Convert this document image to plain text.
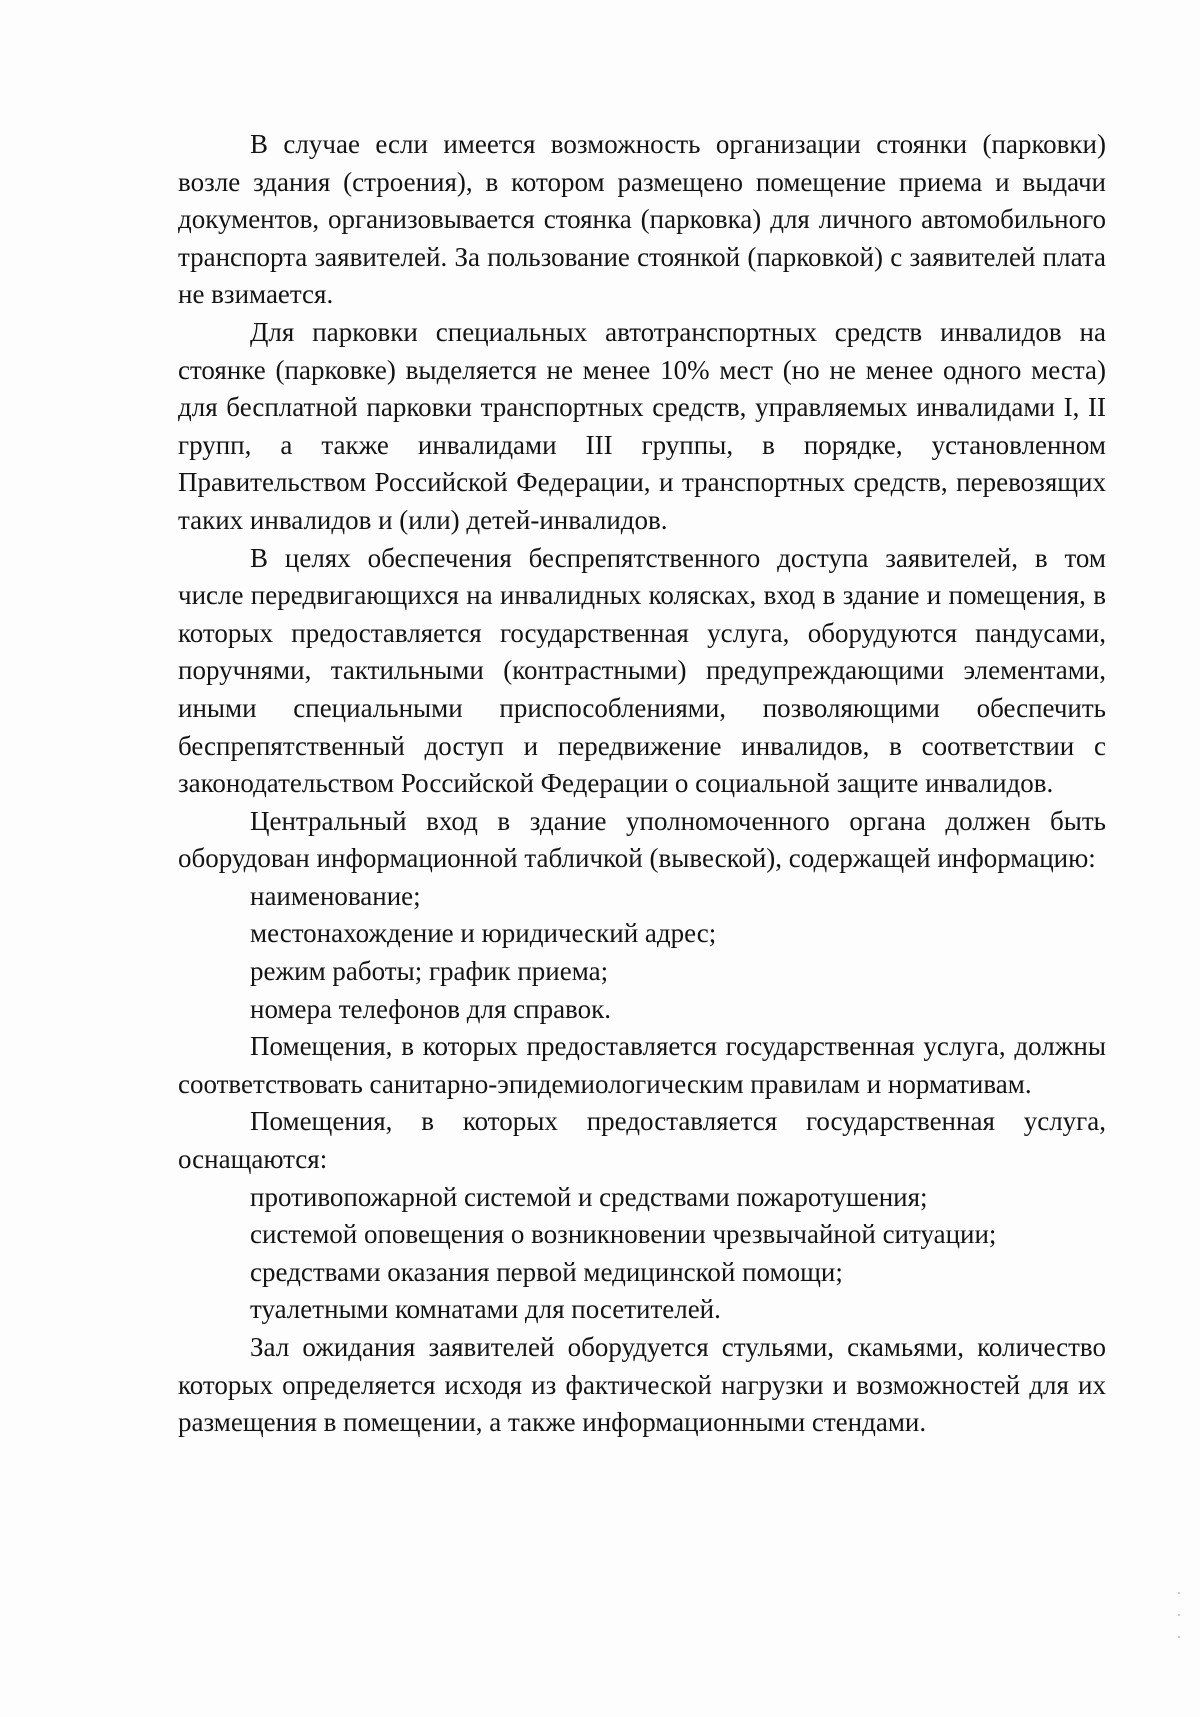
В случае если имеется возможность организации стоянки (парковки) возле здания (строения), в котором размещено помещение приема и выдачи документов, организовывается стоянка (парковка) для личного автомобильного транспорта заявителей. За пользование стоянкой (парковкой) с заявителей плата не взимается.

Для парковки специальных автотранспортных средств инвалидов на стоянке (парковке) выделяется не менее 10% мест (но не менее одного места) для бесплатной парковки транспортных средств, управляемых инвалидами I, II групп, а также инвалидами III группы, в порядке, установленном Правительством Российской Федерации, и транспортных средств, перевозящих таких инвалидов и (или) детей-инвалидов.

В целях обеспечения беспрепятственного доступа заявителей, в том числе передвигающихся на инвалидных колясках, вход в здание и помещения, в которых предоставляется государственная услуга, оборудуются пандусами, поручнями, тактильными (контрастными) предупреждающими элементами, иными специальными приспособлениями, позволяющими обеспечить беспрепятственный доступ и передвижение инвалидов, в соответствии с законодательством Российской Федерации о социальной защите инвалидов.

Центральный вход в здание уполномоченного органа должен быть оборудован информационной табличкой (вывеской), содержащей информацию:

наименование;

местонахождение и юридический адрес;

режим работы; график приема;

номера телефонов для справок.

Помещения, в которых предоставляется государственная услуга, должны соответствовать санитарно-эпидемиологическим правилам и нормативам.

Помещения, в которых предоставляется государственная услуга, оснащаются:

противопожарной системой и средствами пожаротушения;

системой оповещения о возникновении чрезвычайной ситуации;

средствами оказания первой медицинской помощи;

туалетными комнатами для посетителей.

Зал ожидания заявителей оборудуется стульями, скамьями, количество которых определяется исходя из фактической нагрузки и возможностей для их размещения в помещении, а также информационными стендами.
